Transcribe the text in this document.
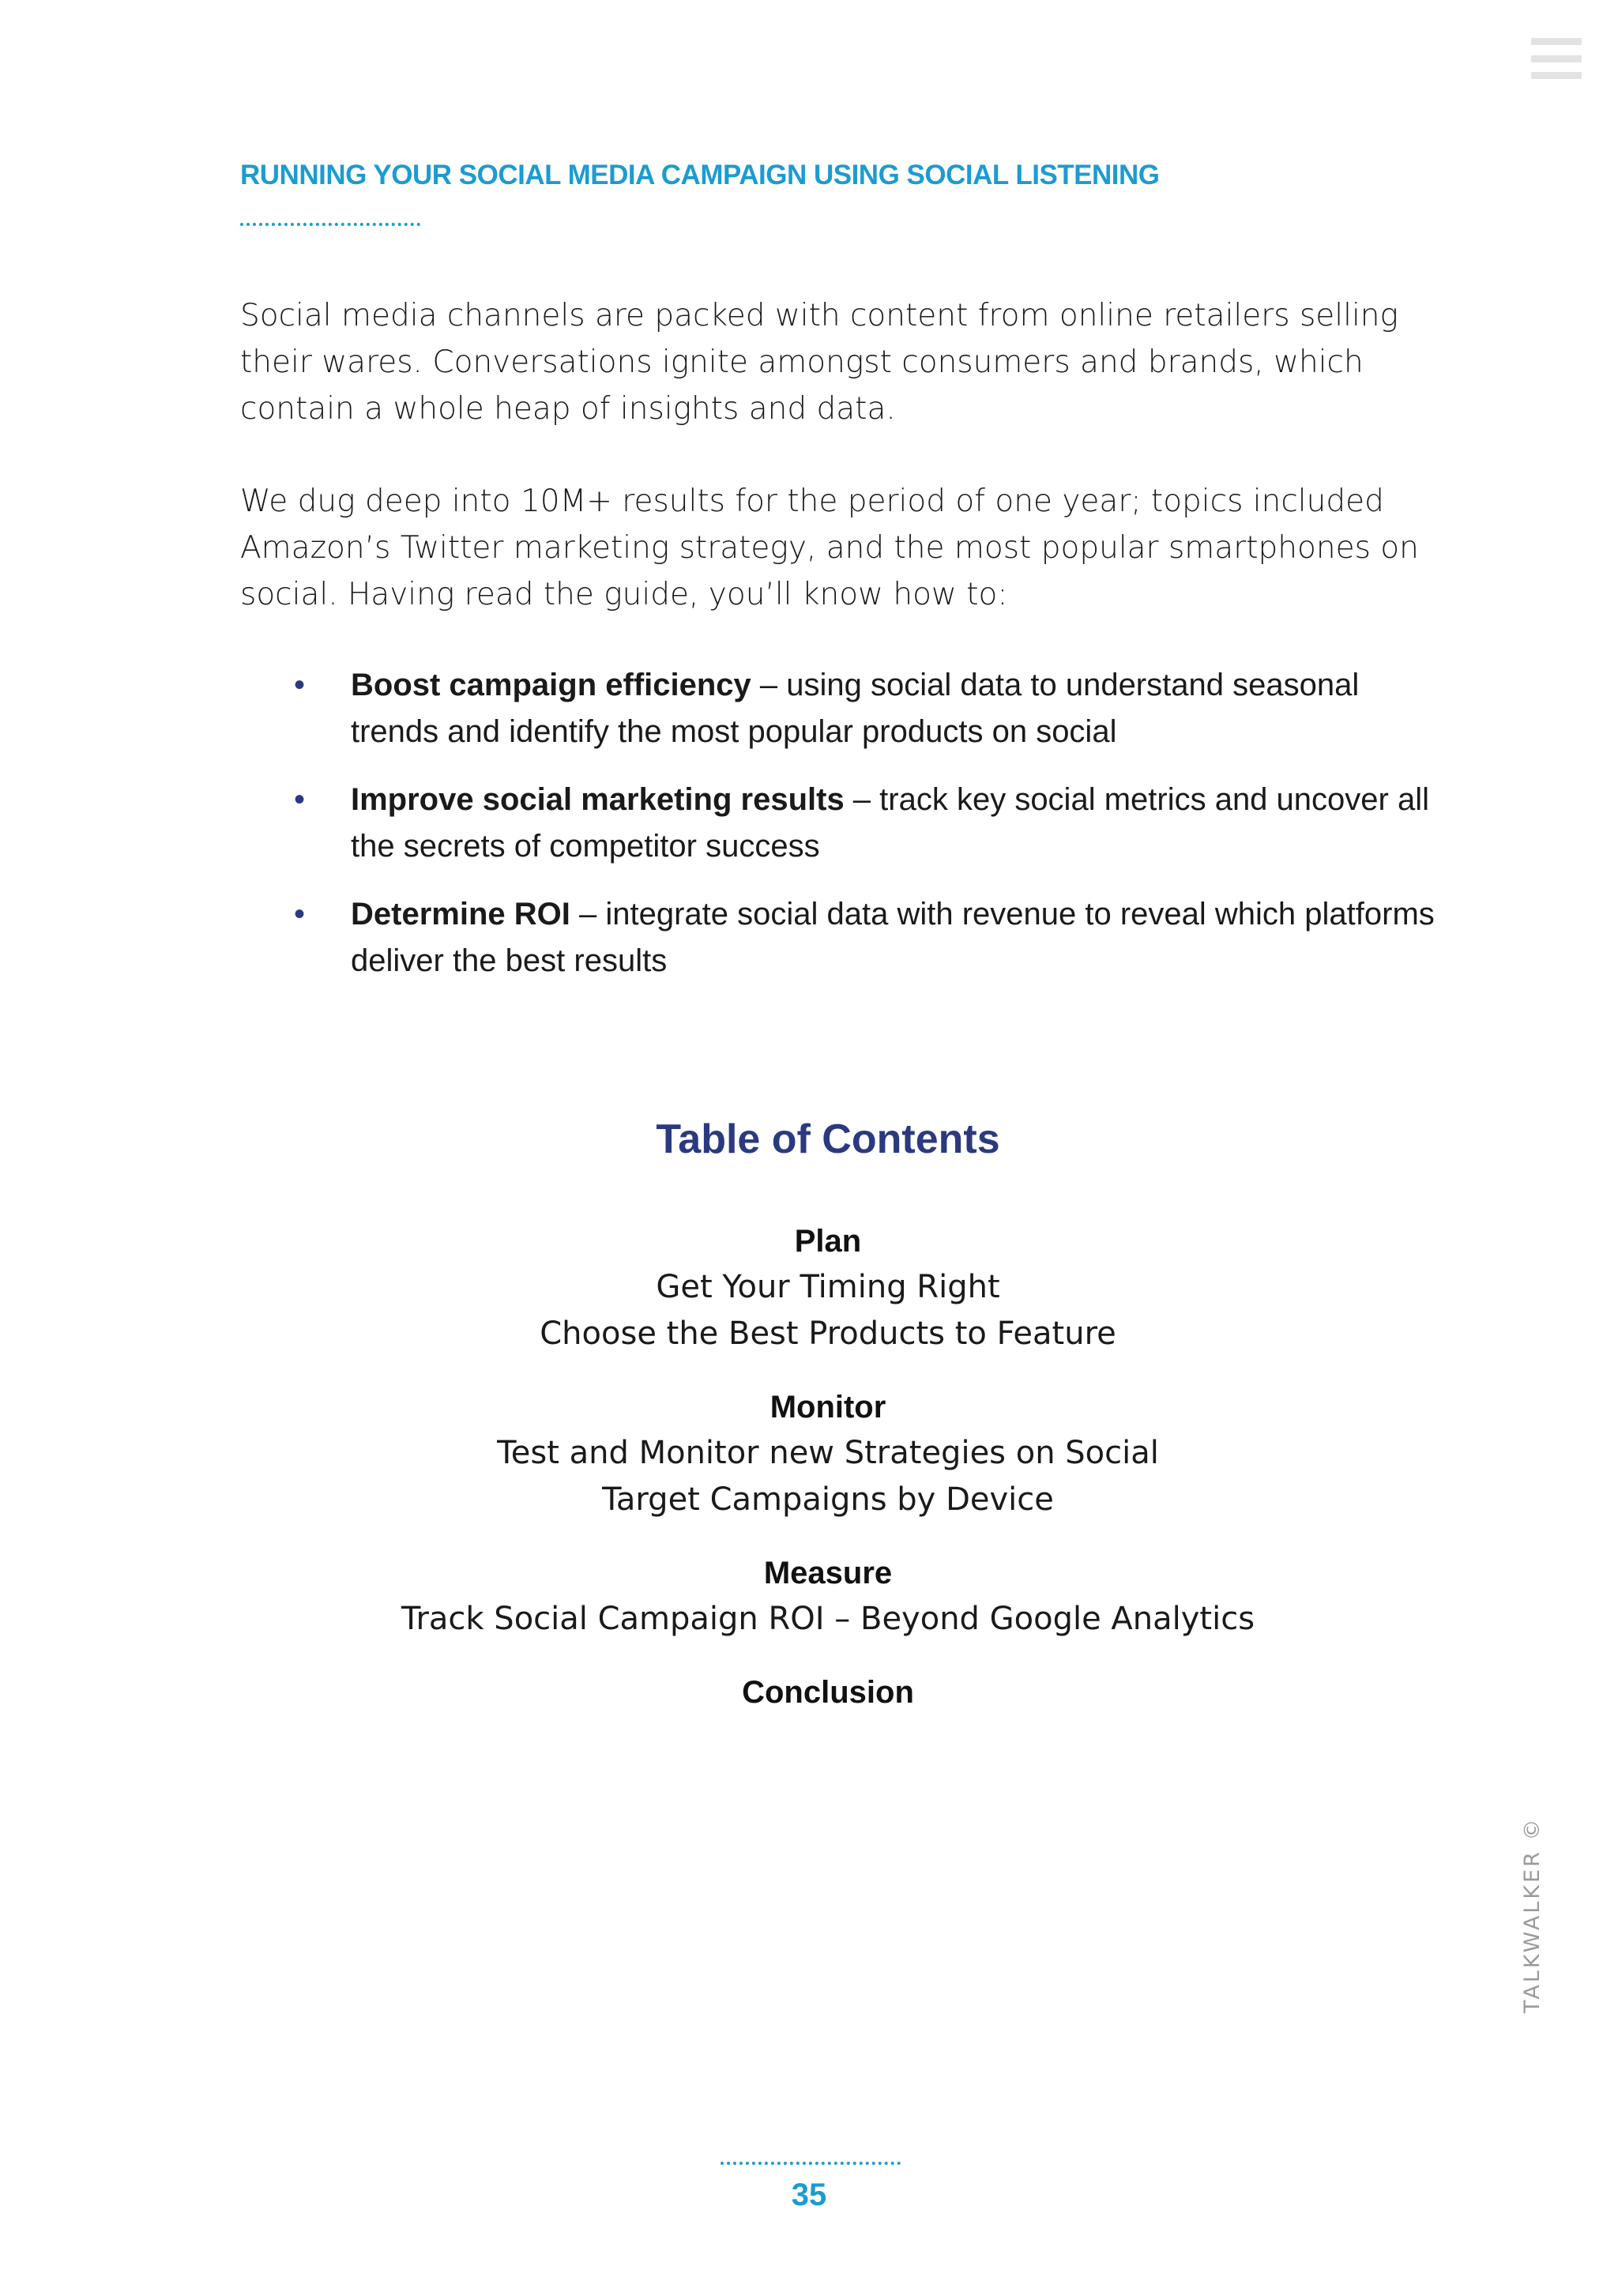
RUNNING YOUR SOCIAL MEDIA CAMPAIGN USING SOCIAL LISTENING
Social media channels are packed with content from online retailers selling their wares. Conversations ignite amongst consumers and brands, which contain a whole heap of insights and data.
We dug deep into 10M+ results for the period of one year; topics included Amazon’s Twitter marketing strategy, and the most popular smartphones on social. Having read the guide, you’ll know how to:
• Boost campaign efficiency – using social data to understand seasonal trends and identify the most popular products on social
• Improve social marketing results – track key social metrics and uncover all the secrets of competitor success
• Determine ROI – integrate social data with revenue to reveal which platforms deliver the best results
Table of Contents
Plan
Get Your Timing Right
Choose the Best Products to Feature
Monitor
Test and Monitor new Strategies on Social
Target Campaigns by Device
Measure
Track Social Campaign ROI – Beyond Google Analytics
Conclusion
TALKWALKER ©
35
